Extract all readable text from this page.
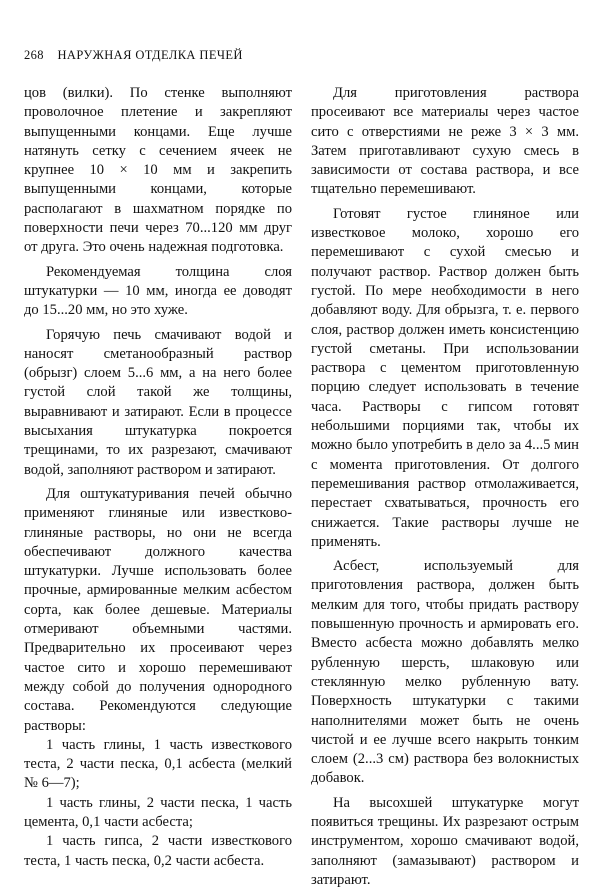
268 НАРУЖНАЯ ОТДЕЛКА ПЕЧЕЙ

цов (вилки). По стенке выполняют проволочное плетение и закрепляют выпущенными концами. Еще лучше натянуть сетку с сечением ячеек не крупнее 10 × 10 мм и закрепить выпущенными концами, которые располагают в шахматном порядке по поверхности печи через 70...120 мм друг от друга. Это очень надежная подготовка.

Рекомендуемая толщина слоя штукатурки — 10 мм, иногда ее доводят до 15...20 мм, но это хуже.

Горячую печь смачивают водой и наносят сметанообразный раствор (обрызг) слоем 5...6 мм, а на него более густой слой такой же толщины, выравнивают и затирают. Если в процессе высыхания штукатурка покроется трещинами, то их разрезают, смачивают водой, заполняют раствором и затирают.

Для оштукатуривания печей обычно применяют глиняные или известково-глиняные растворы, но они не всегда обеспечивают должного качества штукатурки. Лучше использовать более прочные, армированные мелким асбестом сорта, как более дешевые. Материалы отмеривают объемными частями. Предварительно их просеивают через частое сито и хорошо перемешивают между собой до получения однородного состава. Рекомендуются следующие растворы:

1 часть глины, 1 часть известкового теста, 2 части песка, 0,1 асбеста (мелкий № 6—7);

1 часть глины, 2 части песка, 1 часть цемента, 0,1 части асбеста;

1 часть гипса, 2 части известкового теста, 1 часть песка, 0,2 части асбеста.

Для приготовления раствора просеивают все материалы через частое сито с отверстиями не реже 3 × 3 мм. Затем приготавливают сухую смесь в зависимости от состава раствора, и все тщательно перемешивают.

Готовят густое глиняное или известковое молоко, хорошо его перемешивают с сухой смесью и получают раствор. Раствор должен быть густой. По мере необходимости в него добавляют воду. Для обрызга, т. е. первого слоя, раствор должен иметь консистенцию густой сметаны. При использовании раствора с цементом приготовленную порцию следует использовать в течение часа. Растворы с гипсом готовят небольшими порциями так, чтобы их можно было употребить в дело за 4...5 мин с момента приготовления. От долгого перемешивания раствор отмолаживается, перестает схватываться, прочность его снижается. Такие растворы лучше не применять.

Асбест, используемый для приготовления раствора, должен быть мелким для того, чтобы придать раствору повышенную прочность и армировать его. Вместо асбеста можно добавлять мелко рубленную шерсть, шлаковую или стеклянную мелко рубленную вату. Поверхность штукатурки с такими наполнителями может быть не очень чистой и ее лучше всего накрыть тонким слоем (2...3 см) раствора без волокнистых добавок.

На высохшей штукатурке могут появиться трещины. Их разрезают острым инструментом, хорошо смачивают водой, заполняют (замазывают) раствором и затирают.
